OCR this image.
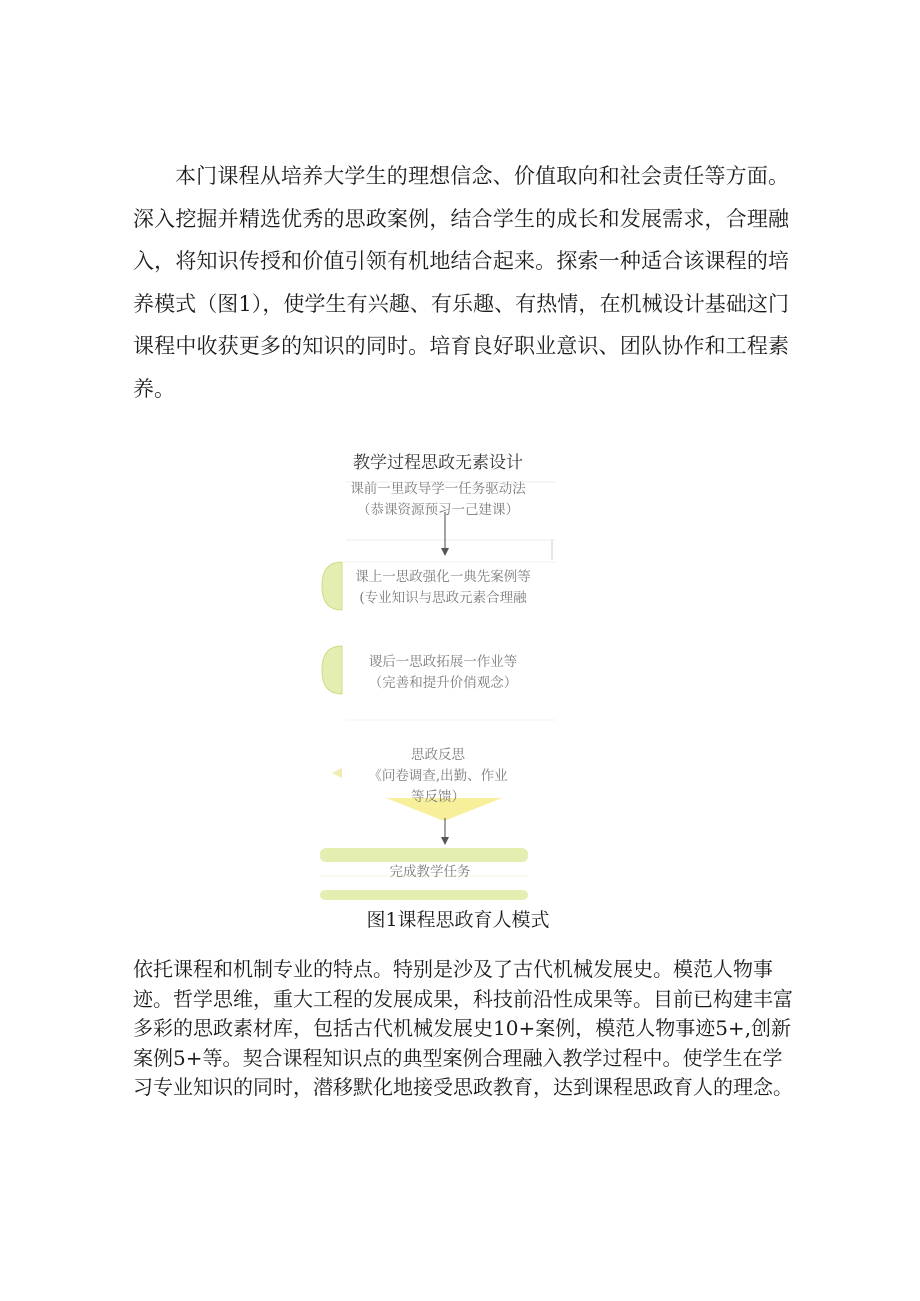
本门课程从培养大学生的理想信念、价值取向和社会责任等方面。深入挖掘并精选优秀的思政案例，结合学生的成长和发展需求，合理融入，将知识传授和价值引领有机地结合起来。探索一种适合该课程的培养模式（图1），使学生有兴趣、有乐趣、有热情，在机械设计基础这门课程中收获更多的知识的同时。培育良好职业意识、团队协作和工程素养。

教学过程思政无素设计

课前一里政导学一任务驱动法
（恭课资源预习一己建课）
课上一思政强化一典先案例等
(专业知识与思政元素合理融
谡后一思政拓展一作业等
（完善和提升价俏观念）
思政反思
《问卷调查,出勤、作业
等反馈）
完成教学任务

图1课程思政育人模式

依托课程和机制专业的特点。特别是沙及了古代机械发展史。模范人物事迹。哲学思维，重大工程的发展成果，科技前沿性成果等。目前已构建丰富多彩的思政素材库，包括古代机械发展史10+案例，模范人物事迹5+,创新案例5+等。契合课程知识点的典型案例合理融入教学过程中。使学生在学习专业知识的同时，潜移默化地接受思政教育，达到课程思政育人的理念。
